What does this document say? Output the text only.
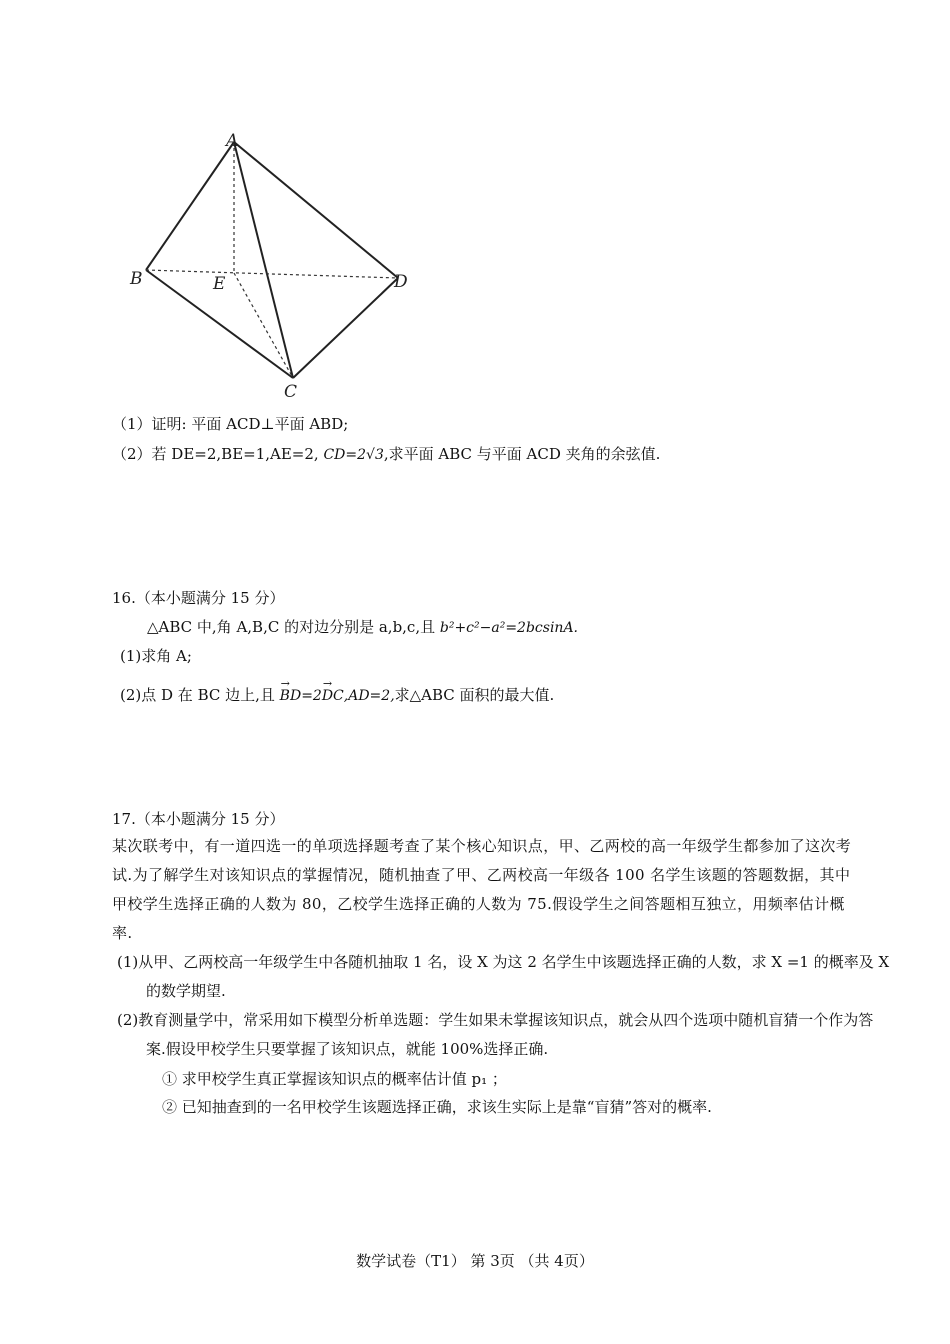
A
B	E	D
C
（1）证明: 平面 ACD⊥平面 ABD;
（2）若 DE=2,BE=1,AE=2, CD=2√3,求平面 ABC 与平面 ACD 夹角的余弦值.
16.（本小题满分 15 分）
△ABC 中,角 A,B,C 的对边分别是 a,b,c,且 b²+c²−a²=2bcsinA.
(1)求角 A;
(2)点 D 在 BC 边上,且 → BD=2→ DC,AD=2,求△ABC 面积的最大值.
17.（本小题满分 15 分）
某次联考中，有一道四选一的单项选择题考查了某个核心知识点，甲、乙两校的高一年级学生都参加了这次考试.为了解学生对该知识点的掌握情况，随机抽查了甲、乙两校高一年级各 100 名学生该题的答题数据，其中甲校学生选择正确的人数为 80，乙校学生选择正确的人数为 75.假设学生之间答题相互独立，用频率估计概率.
(1)从甲、乙两校高一年级学生中各随机抽取 1 名，设 X 为这 2 名学生中该题选择正确的人数，求 X =1 的概率及 X 的数学期望.
(2)教育测量学中，常采用如下模型分析单选题：学生如果未掌握该知识点，就会从四个选项中随机盲猜一个作为答案.假设甲校学生只要掌握了该知识点，就能 100%选择正确.
① 求甲校学生真正掌握该知识点的概率估计值 p₁ ；
② 已知抽查到的一名甲校学生该题选择正确，求该生实际上是靠“盲猜”答对的概率.
数学试卷（T1） 第 3页 （共 4页）
